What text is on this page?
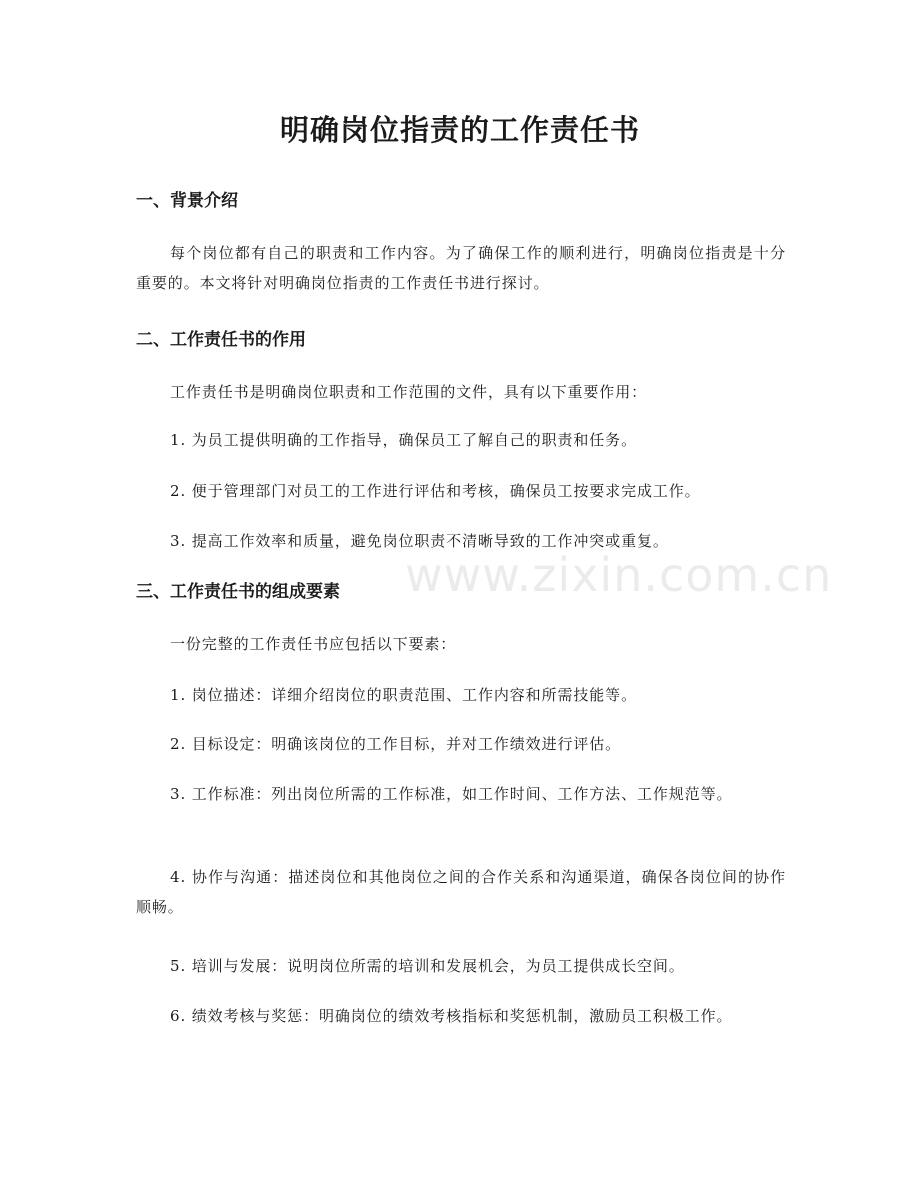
www.zixin.com.cn
明确岗位指责的工作责任书
一、背景介绍

每个岗位都有自己的职责和工作内容。为了确保工作的顺利进行，明确岗位指责是十分重要的。本文将针对明确岗位指责的工作责任书进行探讨。

二、工作责任书的作用

工作责任书是明确岗位职责和工作范围的文件，具有以下重要作用：

1. 为员工提供明确的工作指导，确保员工了解自己的职责和任务。

2. 便于管理部门对员工的工作进行评估和考核，确保员工按要求完成工作。

3. 提高工作效率和质量，避免岗位职责不清晰导致的工作冲突或重复。

三、工作责任书的组成要素

一份完整的工作责任书应包括以下要素：

1. 岗位描述：详细介绍岗位的职责范围、工作内容和所需技能等。

2. 目标设定：明确该岗位的工作目标，并对工作绩效进行评估。

3. 工作标准：列出岗位所需的工作标准，如工作时间、工作方法、工作规范等。

4. 协作与沟通：描述岗位和其他岗位之间的合作关系和沟通渠道，确保各岗位间的协作顺畅。

5. 培训与发展：说明岗位所需的培训和发展机会，为员工提供成长空间。

6. 绩效考核与奖惩：明确岗位的绩效考核指标和奖惩机制，激励员工积极工作。
